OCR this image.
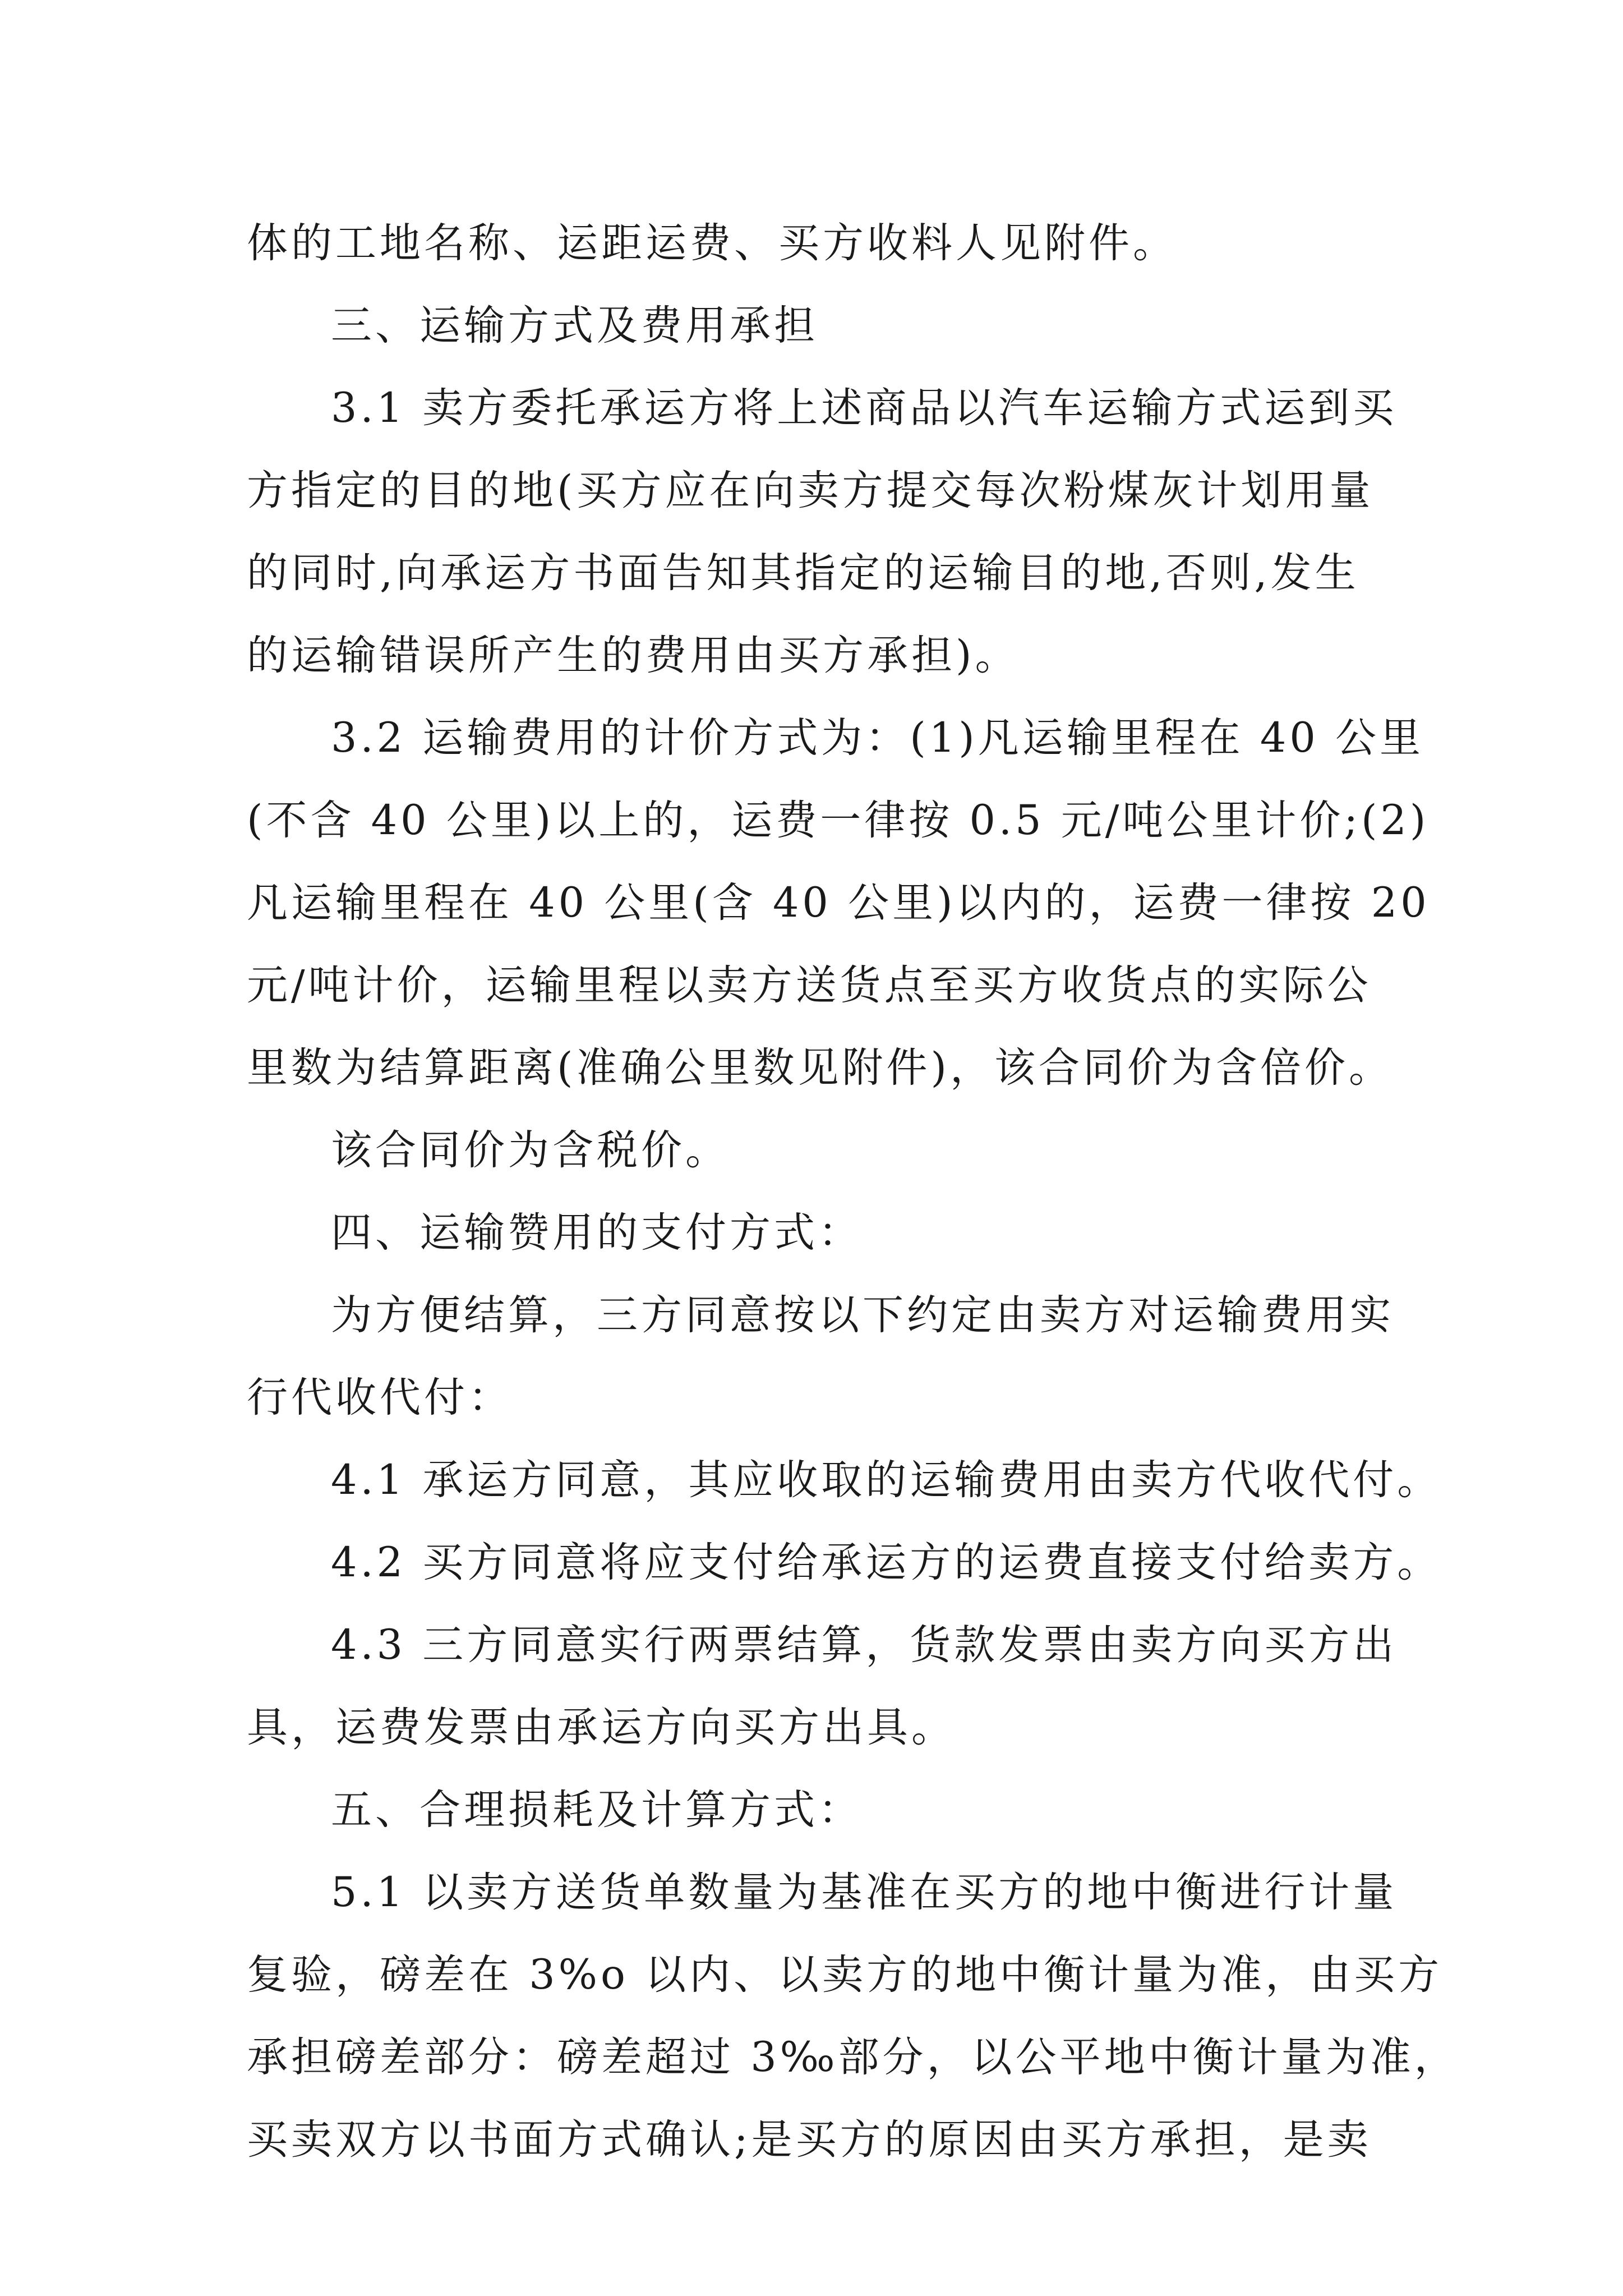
体的工地名称、运距运费、买方收料人见附件。
三、运输方式及费用承担
3.1 卖方委托承运方将上述商品以汽车运输方式运到买
方指定的目的地(买方应在向卖方提交每次粉煤灰计划用量
的同时,向承运方书面告知其指定的运输目的地,否则,发生
的运输错误所产生的费用由买方承担)。
3.2 运输费用的计价方式为：(1)凡运输里程在 40 公里
(不含 40 公里)以上的，运费一律按 0.5 元/吨公里计价;(2)
凡运输里程在 40 公里(含 40 公里)以内的，运费一律按 20
元/吨计价，运输里程以卖方送货点至买方收货点的实际公
里数为结算距离(准确公里数见附件)，该合同价为含倍价。
该合同价为含税价。
四、运输赞用的支付方式：
为方便结算，三方同意按以下约定由卖方对运输费用实
行代收代付：
4.1 承运方同意，其应收取的运输费用由卖方代收代付。
4.2 买方同意将应支付给承运方的运费直接支付给卖方。
4.3 三方同意实行两票结算，货款发票由卖方向买方出
具，运费发票由承运方向买方出具。
五、合理损耗及计算方式：
5.1 以卖方送货单数量为基准在买方的地中衡进行计量
复验，磅差在 3%o 以内、以卖方的地中衡计量为准，由买方
承担磅差部分：磅差超过 3‰部分，以公平地中衡计量为准，
买卖双方以书面方式确认;是买方的原因由买方承担，是卖
